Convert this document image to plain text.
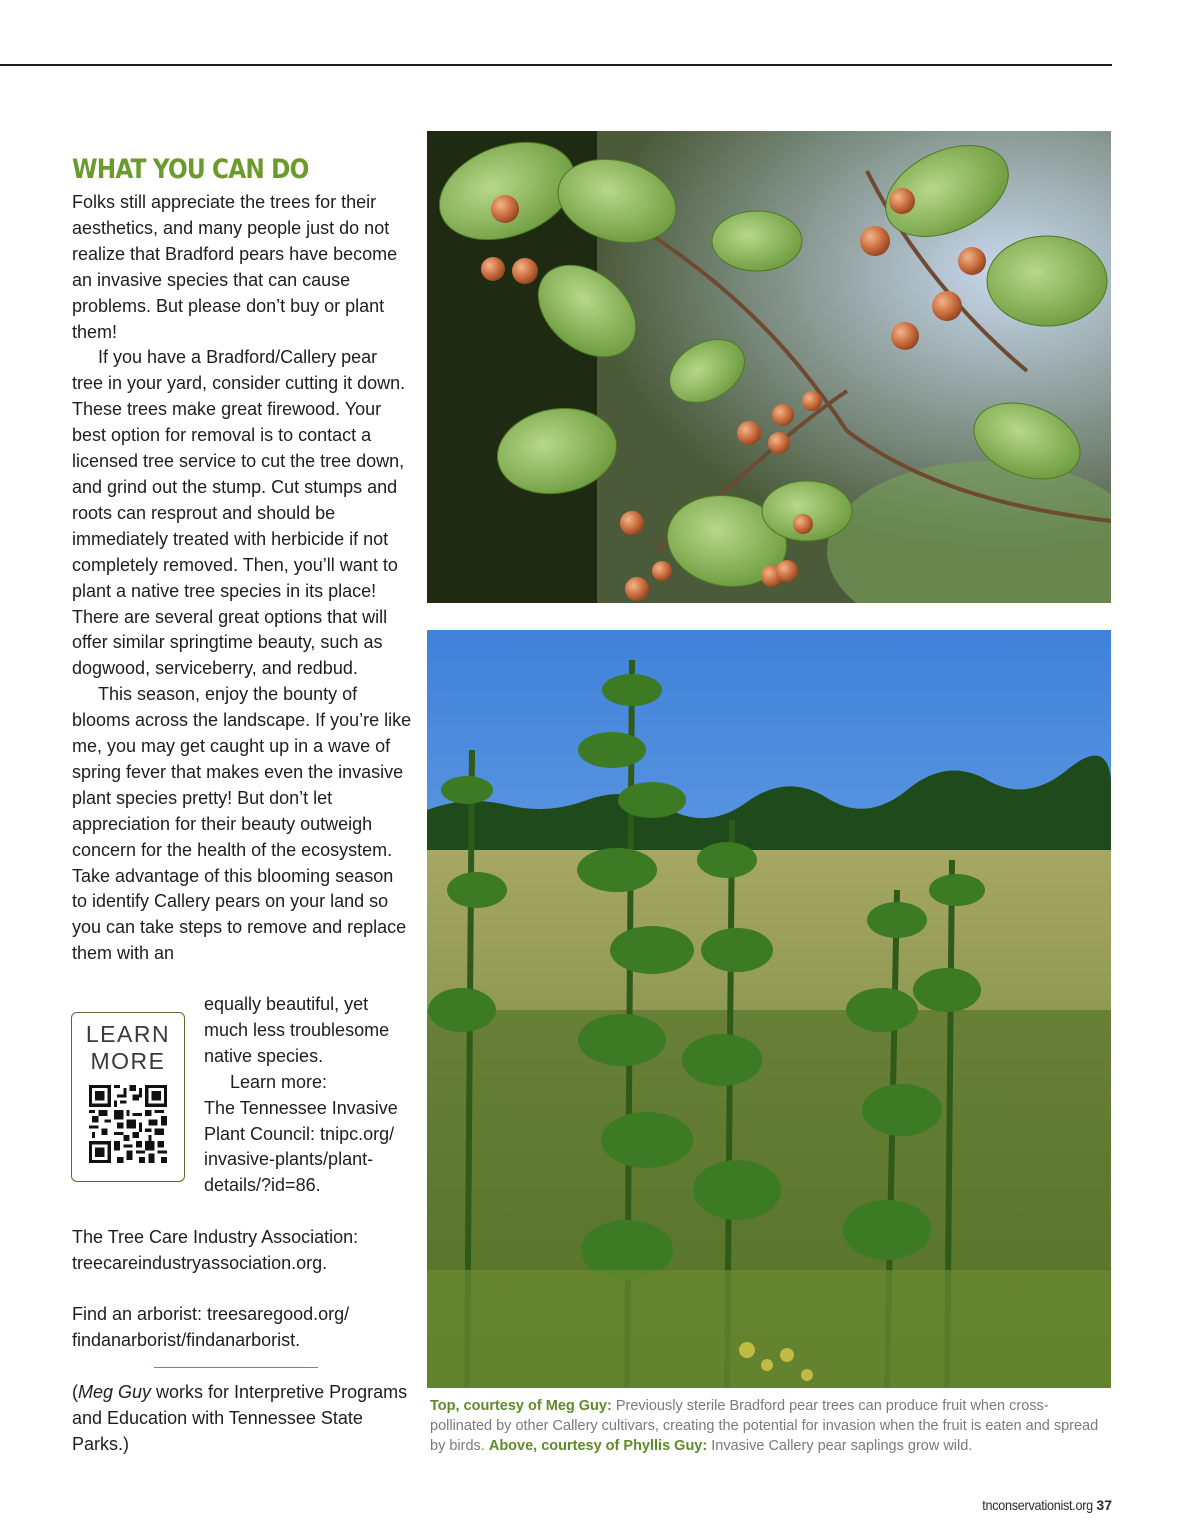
WHAT YOU CAN DO

Folks still appreciate the trees for their aesthetics, and many people just do not realize that Bradford pears have become an invasive species that can cause problems. But please don’t buy or plant them!

If you have a Bradford/Callery pear tree in your yard, consider cutting it down. These trees make great firewood. Your best option for removal is to contact a licensed tree service to cut the tree down, and grind out the stump. Cut stumps and roots can resprout and should be immediately treated with herbicide if not completely removed. Then, you’ll want to plant a native tree species in its place! There are several great options that will offer similar springtime beauty, such as dogwood, serviceberry, and redbud.

This season, enjoy the bounty of blooms across the landscape. If you’re like me, you may get caught up in a wave of spring fever that makes even the invasive plant species pretty! But don’t let appreciation for their beauty outweigh concern for the health of the ecosystem. Take advantage of this blooming season to identify Callery pears on your land so you can take steps to remove and replace them with an

LEARN
MORE

equally beautiful, yet much less troublesome native species.

Learn more:

The Tennessee Invasive Plant Council: tnipc.org/ invasive-plants/plant- details/?id=86.

The Tree Care Industry Association: treecareindustryassociation.org.

Find an arborist: treesaregood.org/ findanarborist/findanarborist.

(Meg Guy works for Interpretive Programs and Education with Tennessee State Parks.)

Top, courtesy of Meg Guy: Previously sterile Bradford pear trees can produce fruit when cross-pollinated by other Callery cultivars, creating the potential for invasion when the fruit is eaten and spread by birds. Above, courtesy of Phyllis Guy: Invasive Callery pear saplings grow wild.

tnconservationist.org 37
